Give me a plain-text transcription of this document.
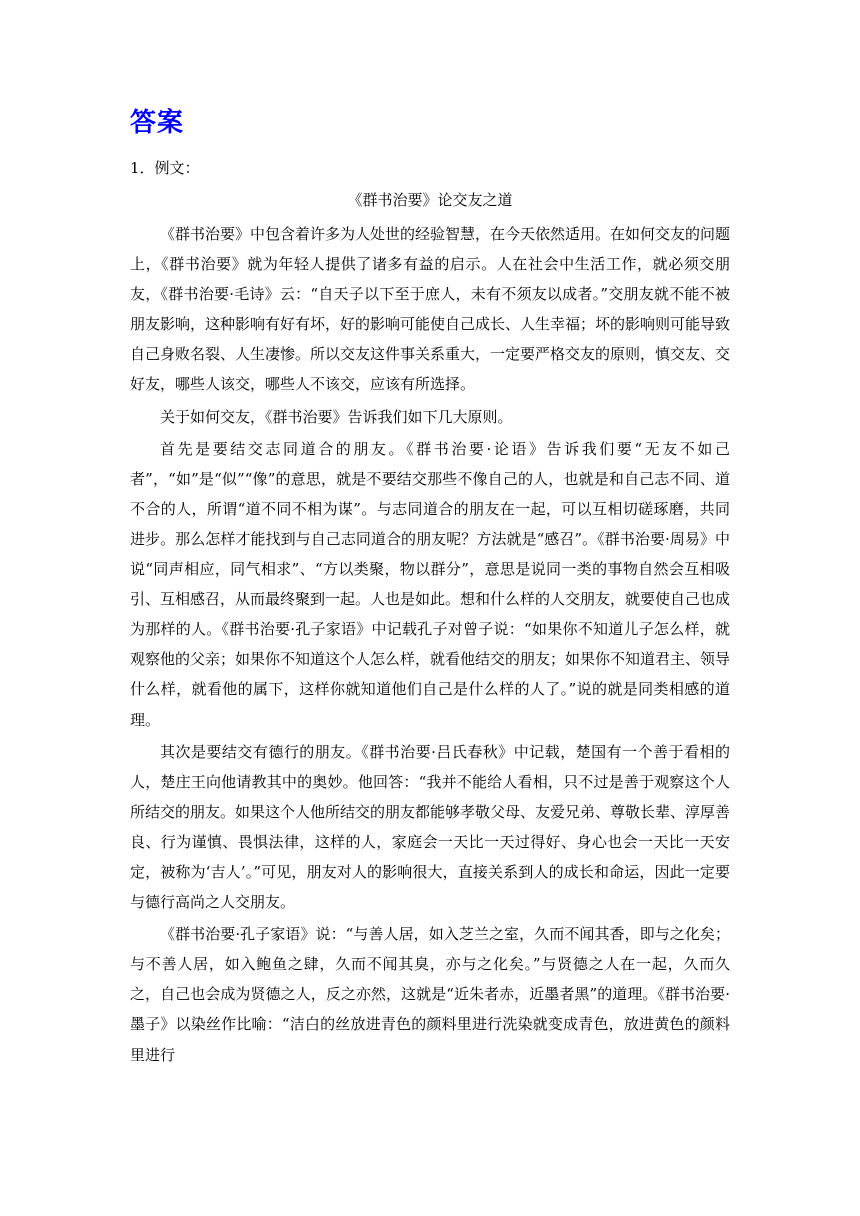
答案
1．例文：
《群书治要》论交友之道

《群书治要》中包含着许多为人处世的经验智慧，在今天依然适用。在如何交友的问题上，《群书治要》就为年轻人提供了诸多有益的启示。人在社会中生活工作，就必须交朋友，《群书治要·毛诗》云：“自天子以下至于庶人，未有不须友以成者。”交朋友就不能不被朋友影响，这种影响有好有坏，好的影响可能使自己成长、人生幸福；坏的影响则可能导致自己身败名裂、人生凄惨。所以交友这件事关系重大，一定要严格交友的原则，慎交友、交好友，哪些人该交，哪些人不该交，应该有所选择。

关于如何交友，《群书治要》告诉我们如下几大原则。

首先是要结交志同道合的朋友。《群书治要·论语》告诉我们要“无友不如己者”，“如”是“似”“像”的意思，就是不要结交那些不像自己的人，也就是和自己志不同、道不合的人，所谓“道不同不相为谋”。与志同道合的朋友在一起，可以互相切磋琢磨，共同进步。那么怎样才能找到与自己志同道合的朋友呢？方法就是“感召”。《群书治要·周易》中说“同声相应，同气相求”、“方以类聚，物以群分”，意思是说同一类的事物自然会互相吸引、互相感召，从而最终聚到一起。人也是如此。想和什么样的人交朋友，就要使自己也成为那样的人。《群书治要·孔子家语》中记载孔子对曾子说：“如果你不知道儿子怎么样，就观察他的父亲；如果你不知道这个人怎么样，就看他结交的朋友；如果你不知道君主、领导什么样，就看他的属下，这样你就知道他们自己是什么样的人了。”说的就是同类相感的道理。

其次是要结交有德行的朋友。《群书治要·吕氏春秋》中记载，楚国有一个善于看相的人，楚庄王向他请教其中的奥妙。他回答：“我并不能给人看相，只不过是善于观察这个人所结交的朋友。如果这个人他所结交的朋友都能够孝敬父母、友爱兄弟、尊敬长辈、淳厚善良、行为谨慎、畏惧法律，这样的人，家庭会一天比一天过得好、身心也会一天比一天安定，被称为‘吉人’。”可见，朋友对人的影响很大，直接关系到人的成长和命运，因此一定要与德行高尚之人交朋友。

《群书治要·孔子家语》说：“与善人居，如入芝兰之室，久而不闻其香，即与之化矣；与不善人居，如入鲍鱼之肆，久而不闻其臭，亦与之化矣。”与贤德之人在一起，久而久之，自己也会成为贤德之人，反之亦然，这就是“近朱者赤，近墨者黑”的道理。《群书治要·墨子》以染丝作比喻：“洁白的丝放进青色的颜料里进行洗染就变成青色，放进黄色的颜料里进行
